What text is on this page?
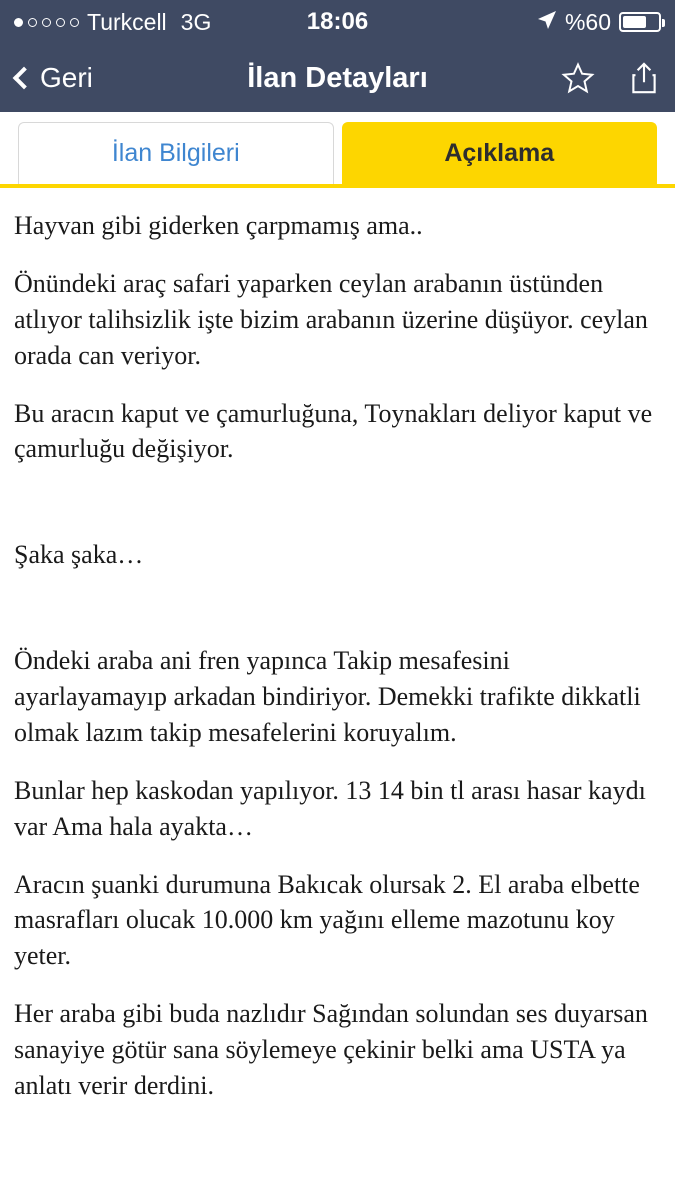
Turkcell 3G	18:06	%60
Geri	İlan Detayları
İlan Bilgileri	Açıklama

Hayvan gibi giderken çarpmamış ama..

Önündeki araç safari yaparken ceylan arabanın üstünden atlıyor talihsizlik işte bizim arabanın üzerine düşüyor. ceylan orada can veriyor.

Bu aracın kaput ve çamurluğuna, Toynakları deliyor kaput ve çamurluğu değişiyor.

Şaka şaka…

Öndeki araba ani fren yapınca Takip mesafesini ayarlayamayıp arkadan bindiriyor. Demekki trafikte dikkatli olmak lazım takip mesafelerini koruyalım.

Bunlar hep kaskodan yapılıyor. 13 14 bin tl arası hasar kaydı var Ama hala ayakta…

Aracın şuanki durumuna Bakıcak olursak 2. El araba elbette masrafları olucak 10.000 km yağını elleme mazotunu koy yeter.

Her araba gibi buda nazlıdır Sağından solundan ses duyarsan sanayiye götür sana söylemeye çekinir belki ama USTA ya anlatı verir derdini.
